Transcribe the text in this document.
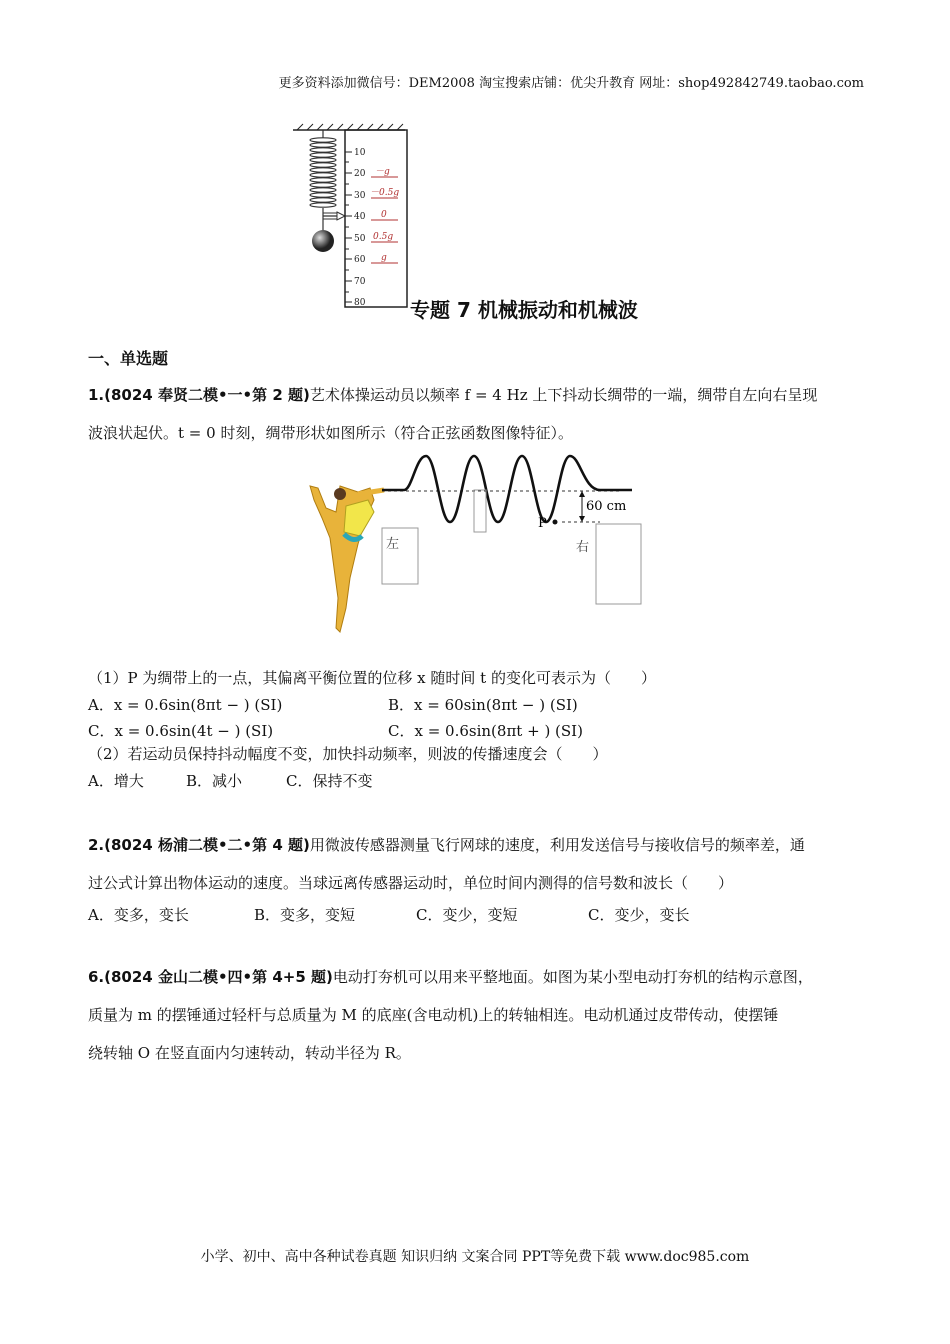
更多资料添加微信号：DEM2008 淘宝搜索店铺：优尖升教育 网址：shop492842749.taobao.com
10
20
30
40
50
60
70
80
－g
－0.5g
0
0.5g
g
专题 7 机械振动和机械波
一、单选题
1.(8024 奉贤二模•一•第 2 题)艺术体操运动员以频率 f = 4 Hz 上下抖动长绸带的一端，绸带自左向右呈现
波浪状起伏。t = 0 时刻，绸带形状如图所示（符合正弦函数图像特征）。
P
60 cm
左	右
（1）P 为绸带上的一点，其偏离平衡位置的位移 x 随时间 t 的变化可表示为（　　）
A．x = 0.6sin(8πt − ) (SI)	B．x = 60sin(8πt − ) (SI)
C．x = 0.6sin(4t − ) (SI)	C．x = 0.6sin(8πt + ) (SI)
（2）若运动员保持抖动幅度不变，加快抖动频率，则波的传播速度会（　　）
A．增大	B．减小	C．保持不变
2.(8024 杨浦二模•二•第 4 题)用微波传感器测量飞行网球的速度，利用发送信号与接收信号的频率差，通
过公式计算出物体运动的速度。当球远离传感器运动时，单位时间内测得的信号数和波长（　　）
A．变多，变长	B．变多，变短	C．变少，变短	C．变少，变长
6.(8024 金山二模•四•第 4+5 题)电动打夯机可以用来平整地面。如图为某小型电动打夯机的结构示意图，
质量为 m 的摆锤通过轻杆与总质量为 M 的底座(含电动机)上的转轴相连。电动机通过皮带传动，使摆锤
绕转轴 O 在竖直面内匀速转动，转动半径为 R。
小学、初中、高中各种试卷真题 知识归纳 文案合同 PPT等免费下载 www.doc985.com
